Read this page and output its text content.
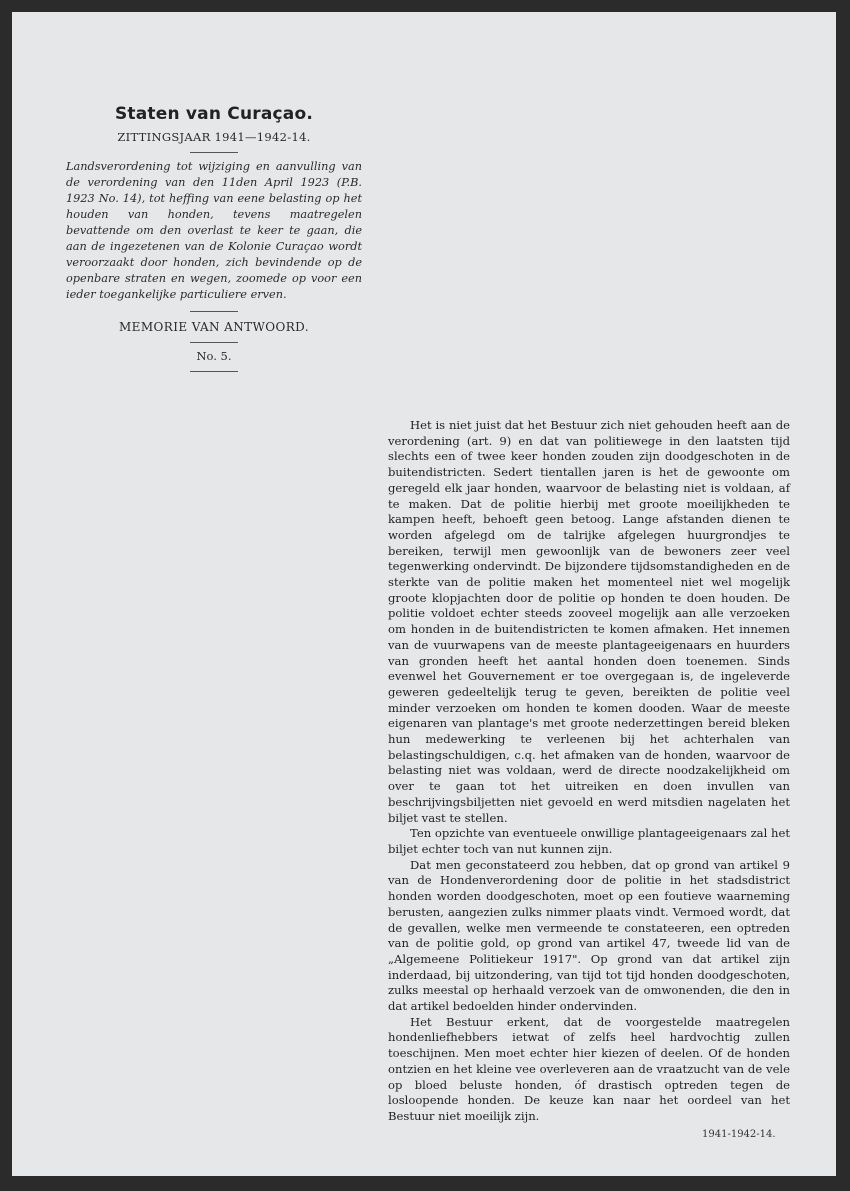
Staten van Curaçao.

ZITTINGSJAAR 1941—1942-14.

Landsverordening tot wijziging en aanvulling van de verordening van den 11den April 1923 (P.B. 1923 No. 14), tot heffing van eene belasting op het houden van honden, tevens maatregelen bevattende om den overlast te keer te gaan, die aan de ingezetenen van de Kolonie Curaçao wordt veroorzaakt door honden, zich bevindende op de openbare straten en wegen, zoomede op voor een ieder toegankelijke particuliere erven.

MEMORIE VAN ANTWOORD.

No. 5.

Het is niet juist dat het Bestuur zich niet gehouden heeft aan de verordening (art. 9) en dat van politiewege in den laatsten tijd slechts een of twee keer honden zouden zijn doodgeschoten in de buitendistricten. Sedert tientallen jaren is het de gewoonte om geregeld elk jaar honden, waarvoor de belasting niet is voldaan, af te maken. Dat de politie hierbij met groote moeilijkheden te kampen heeft, behoeft geen betoog. Lange afstanden dienen te worden afgelegd om de talrijke afgelegen huurgrondjes te bereiken, terwijl men gewoonlijk van de bewoners zeer veel tegenwerking ondervindt. De bijzondere tijdsomstandigheden en de sterkte van de politie maken het momenteel niet wel mogelijk groote klopjachten door de politie op honden te doen houden. De politie voldoet echter steeds zooveel mogelijk aan alle verzoeken om honden in de buitendistricten te komen afmaken. Het innemen van de vuurwapens van de meeste plantageeigenaars en huurders van gronden heeft het aantal honden doen toenemen. Sinds evenwel het Gouvernement er toe overgegaan is, de ingeleverde geweren gedeeltelijk terug te geven, bereikten de politie veel minder verzoeken om honden te komen dooden. Waar de meeste eigenaren van plantage's met groote nederzettingen bereid bleken hun medewerking te verleenen bij het achterhalen van belastingschuldigen, c.q. het afmaken van de honden, waarvoor de belasting niet was voldaan, werd de directe noodzakelijkheid om over te gaan tot het uitreiken en doen invullen van beschrijvingsbiljetten niet gevoeld en werd mitsdien nagelaten het biljet vast te stellen.

Ten opzichte van eventueele onwillige plantageeigenaars zal het biljet echter toch van nut kunnen zijn.

Dat men geconstateerd zou hebben, dat op grond van artikel 9 van de Hondenverordening door de politie in het stadsdistrict honden worden doodgeschoten, moet op een foutieve waarneming berusten, aangezien zulks nimmer plaats vindt. Vermoed wordt, dat de gevallen, welke men vermeende te constateeren, een optreden van de politie gold, op grond van artikel 47, tweede lid van de „Algemeene Politiekeur 1917". Op grond van dat artikel zijn inderdaad, bij uitzondering, van tijd tot tijd honden doodgeschoten, zulks meestal op herhaald verzoek van de omwonenden, die den in dat artikel bedoelden hinder ondervinden.

Het Bestuur erkent, dat de voorgestelde maatregelen hondenliefhebbers ietwat of zelfs heel hardvochtig zullen toeschijnen. Men moet echter hier kiezen of deelen. Of de honden ontzien en het kleine vee overleveren aan de vraatzucht van de vele op bloed beluste honden, óf drastisch optreden tegen de losloopende honden. De keuze kan naar het oordeel van het Bestuur niet moeilijk zijn.

1941-1942-14.
